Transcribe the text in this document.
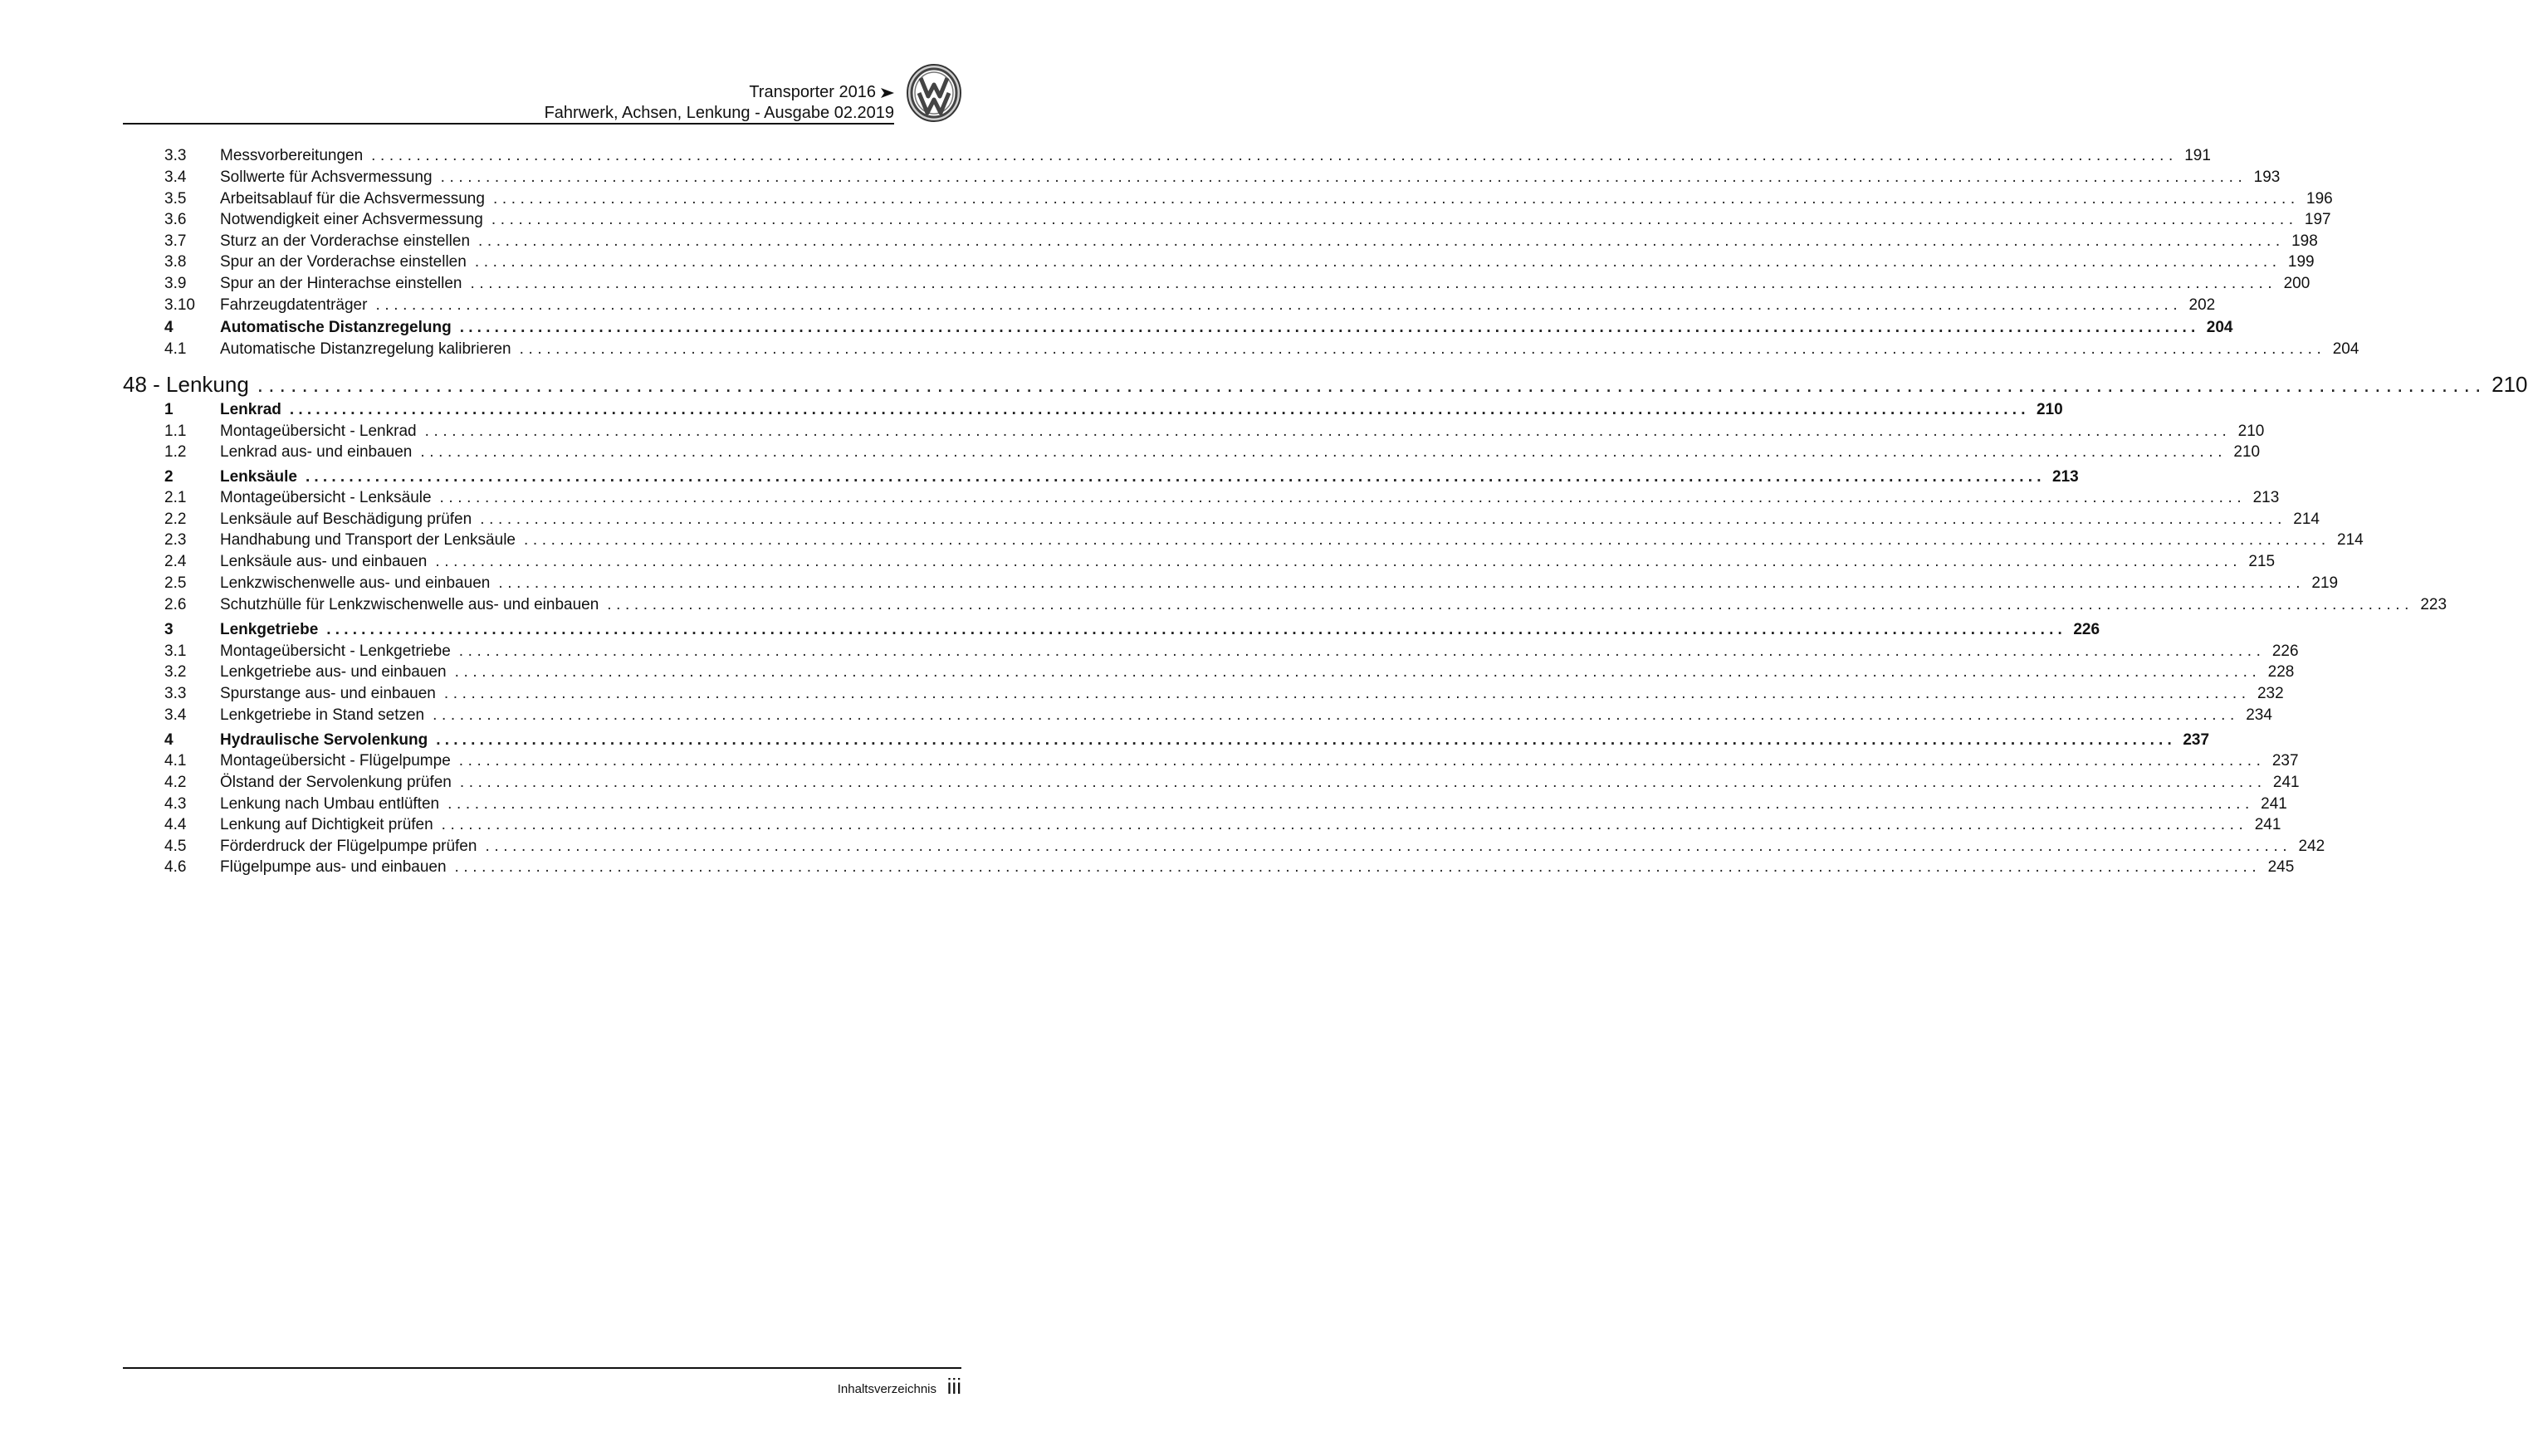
Transporter 2016
Fahrwerk, Achsen, Lenkung - Ausgabe 02.2019
3.3 Messvorbereitungen ........................................................................................................................................................................................................ 191
3.4 Sollwerte für Achsvermessung ........................................................................................................................................................................................................ 193
3.5 Arbeitsablauf für die Achsvermessung ........................................................................................................................................................................................................ 196
3.6 Notwendigkeit einer Achsvermessung ........................................................................................................................................................................................................ 197
3.7 Sturz an der Vorderachse einstellen ........................................................................................................................................................................................................ 198
3.8 Spur an der Vorderachse einstellen ........................................................................................................................................................................................................ 199
3.9 Spur an der Hinterachse einstellen ........................................................................................................................................................................................................ 200
3.10 Fahrzeugdatenträger ........................................................................................................................................................................................................ 202
4	Automatische Distanzregelung ........................................................................................................................................................................................................ 204
4.1 Automatische Distanzregelung kalibrieren ........................................................................................................................................................................................................ 204
48 - Lenkung ........................................................................................................................................................................................................ 210
1	Lenkrad ........................................................................................................................................................................................................ 210
1.1 Montageübersicht - Lenkrad ........................................................................................................................................................................................................ 210
1.2 Lenkrad aus- und einbauen ........................................................................................................................................................................................................ 210
2	Lenksäule ........................................................................................................................................................................................................ 213
2.1 Montageübersicht - Lenksäule ........................................................................................................................................................................................................ 213
2.2 Lenksäule auf Beschädigung prüfen ........................................................................................................................................................................................................ 214
2.3 Handhabung und Transport der Lenksäule ........................................................................................................................................................................................................ 214
2.4 Lenksäule aus- und einbauen ........................................................................................................................................................................................................ 215
2.5 Lenkzwischenwelle aus- und einbauen ........................................................................................................................................................................................................ 219
2.6 Schutzhülle für Lenkzwischenwelle aus- und einbauen ........................................................................................................................................................................................................ 223
3	Lenkgetriebe ........................................................................................................................................................................................................ 226
3.1 Montageübersicht - Lenkgetriebe ........................................................................................................................................................................................................ 226
3.2 Lenkgetriebe aus- und einbauen ........................................................................................................................................................................................................ 228
3.3 Spurstange aus- und einbauen ........................................................................................................................................................................................................ 232
3.4 Lenkgetriebe in Stand setzen ........................................................................................................................................................................................................ 234
4	Hydraulische Servolenkung ........................................................................................................................................................................................................ 237
4.1 Montageübersicht - Flügelpumpe ........................................................................................................................................................................................................ 237
4.2 Ölstand der Servolenkung prüfen ........................................................................................................................................................................................................ 241
4.3 Lenkung nach Umbau entlüften ........................................................................................................................................................................................................ 241
4.4 Lenkung auf Dichtigkeit prüfen ........................................................................................................................................................................................................ 241
4.5 Förderdruck der Flügelpumpe prüfen ........................................................................................................................................................................................................ 242
4.6 Flügelpumpe aus- und einbauen ........................................................................................................................................................................................................ 245
Inhaltsverzeichnis iii
